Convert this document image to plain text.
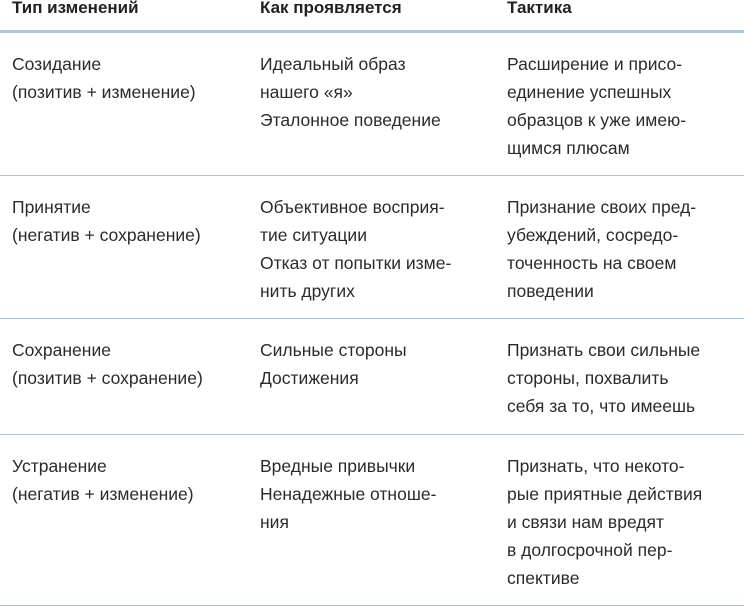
Тип изменений	Как проявляется	Тактика
Созидание
(позитив + изменение)
Идеальный образ
нашего «я»
Эталонное поведение
Расширение и присо-
единение успешных
образцов к уже имею-
щимся плюсам
Принятие
(негатив + сохранение)
Объективное восприя-
тие ситуации
Отказ от попытки изме-
нить других
Признание своих пред-
убеждений, сосредо-
точенность на своем
поведении
Сохранение
(позитив + сохранение)
Сильные стороны
Достижения
Признать свои сильные
стороны, похвалить
себя за то, что имеешь
Устранение
(негатив + изменение)
Вредные привычки
Ненадежные отноше-
ния
Признать, что некото-
рые приятные действия
и связи нам вредят
в долгосрочной пер-
спективе
